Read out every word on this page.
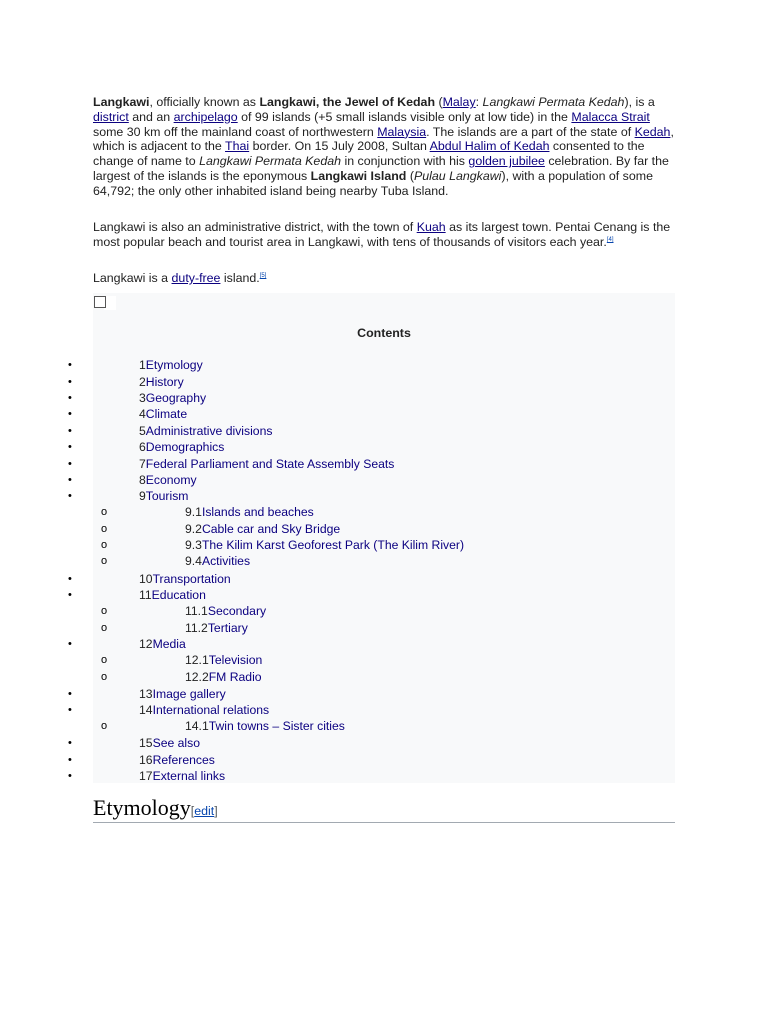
Langkawi, officially known as Langkawi, the Jewel of Kedah (Malay: Langkawi Permata Kedah), is a district and an archipelago of 99 islands (+5 small islands visible only at low tide) in the Malacca Strait some 30 km off the mainland coast of northwestern Malaysia. The islands are a part of the state of Kedah, which is adjacent to the Thai border. On 15 July 2008, Sultan Abdul Halim of Kedah consented to the change of name to Langkawi Permata Kedah in conjunction with his golden jubilee celebration. By far the largest of the islands is the eponymous Langkawi Island (Pulau Langkawi), with a population of some 64,792; the only other inhabited island being nearby Tuba Island.
Langkawi is also an administrative district, with the town of Kuah as its largest town. Pentai Cenang is the most popular beach and tourist area in Langkawi, with tens of thousands of visitors each year.[4]
Langkawi is a duty-free island.[5]
Contents
•	1Etymology
•	2History
•	3Geography
•	4Climate
•	5Administrative divisions
•	6Demographics
•	7Federal Parliament and State Assembly Seats
•	8Economy
•	9Tourism
o	9.1Islands and beaches
o	9.2Cable car and Sky Bridge
o	9.3The Kilim Karst Geoforest Park (The Kilim River)
o	9.4Activities
•	10Transportation
•	11Education
o	11.1Secondary
o	11.2Tertiary
•	12Media
o	12.1Television
o	12.2FM Radio
•	13Image gallery
•	14International relations
o	14.1Twin towns – Sister cities
•	15See also
•	16References
•	17External links
Etymology[edit]
